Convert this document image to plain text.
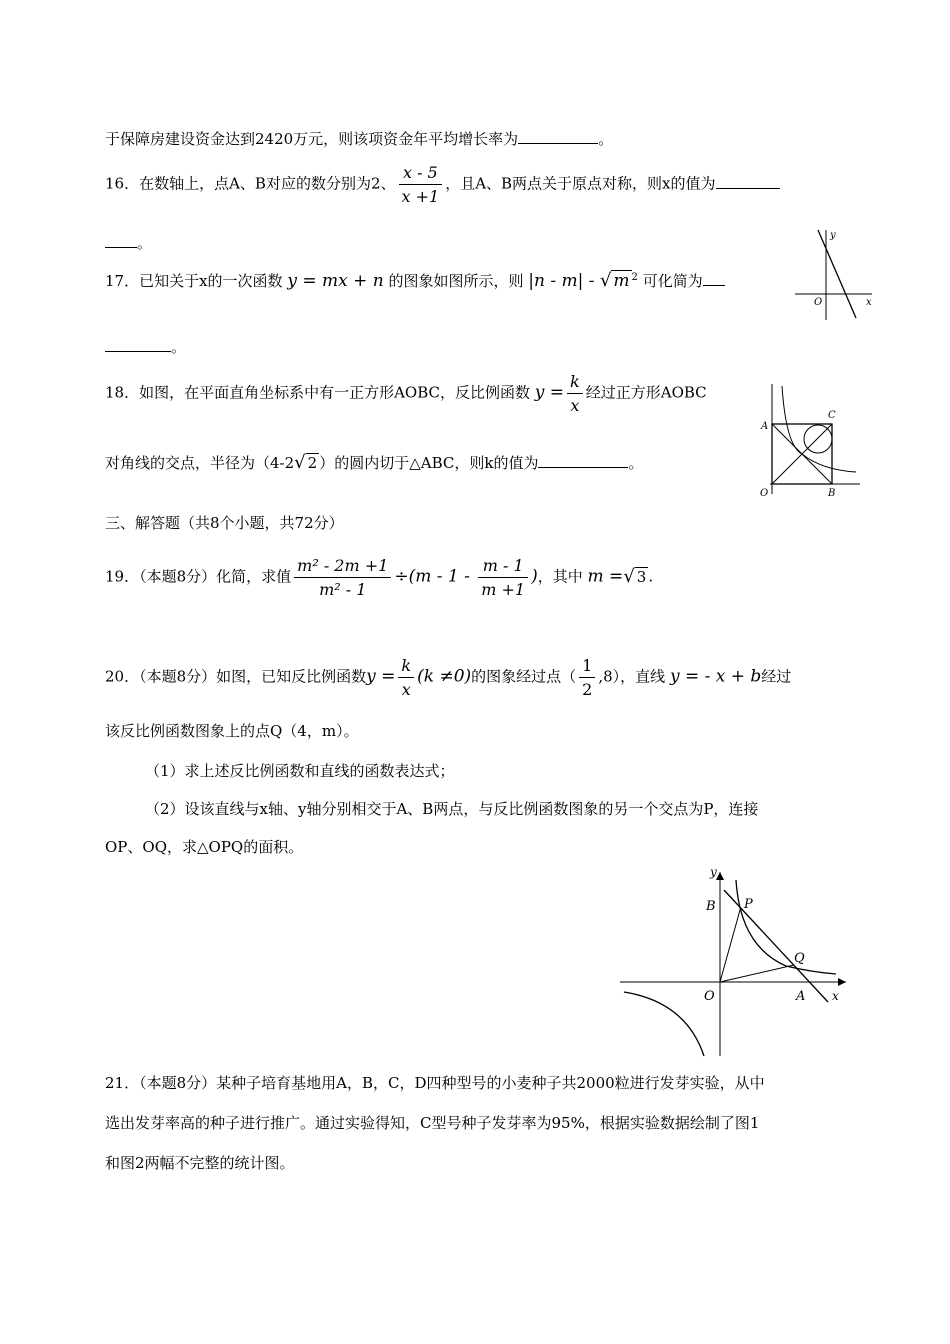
于保障房建设资金达到2420万元，则该项资金年平均增长率为	。
16．在数轴上，点A、B对应的数分别为2、 $\frac{x - 5}{x +1}$ ，且A、B两点关于原点对称，则x的值为
。
17．已知关于x的一次函数 y = mx + n 的图象如图所示，则 |n - m| - √ m $^2$ 可化简为
。
y
O	x
18．如图，在平面直角坐标系中有一正方形AOBC，反比例函数 $y = \frac{k}{x}$ 经过正方形AOBC
对角线的交点，半径为（4-2√ 2 ）的圆内切于△ABC，则k的值为	。
A
C
O	B
三、解答题（共8个小题，共72分）
19．（本题8分）化简，求值 $\frac{\text{m² - 2m +1}}{\text{m² - 1}} \div(m - 1 - \frac{m - 1}{m +1}$ )，其中 m =√ 3 .
20．（本题8分）如图，已知反比例函数$y = \frac{k}{x} (k \ne 0)$的图象经过点（ $\frac{1}{2} ,8$），直线 y = - x + b经过
该反比例函数图象上的点Q（4，m）。
（1）求上述反比例函数和直线的函数表达式；
（2）设该直线与x轴、y轴分别相交于A、B两点，与反比例函数图象的另一个交点为P，连接
OP、OQ，求△OPQ的面积。
y
B P
Q
O	A x
21．（本题8分）某种子培育基地用A，B，C，D四种型号的小麦种子共2000粒进行发芽实验，从中
选出发芽率高的种子进行推广。通过实验得知，C型号种子发芽率为95%，根据实验数据绘制了图1
和图2两幅不完整的统计图。
